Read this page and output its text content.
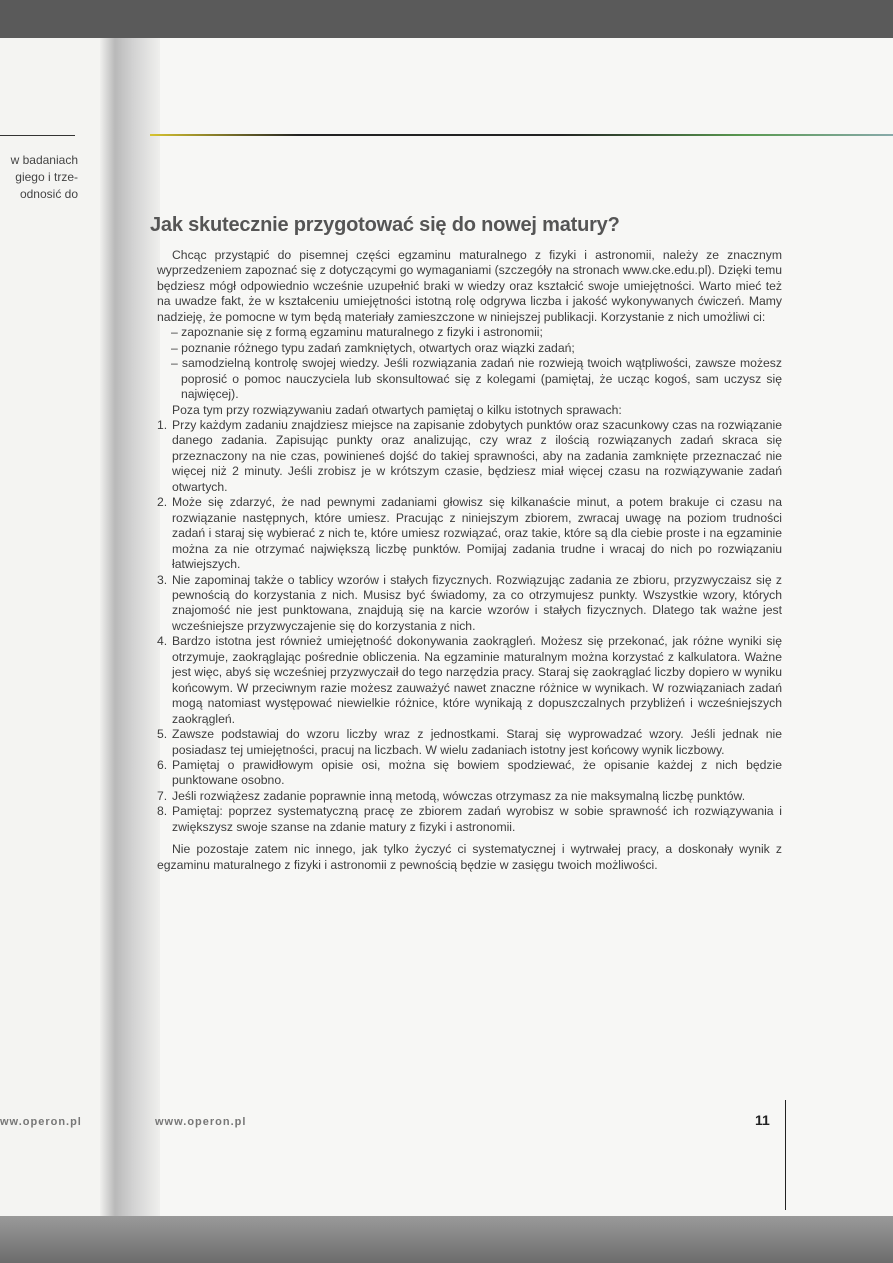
w badaniach
giego i trze-
odnosić do
ww.operon.pl
Jak skutecznie przygotować się do nowej matury?

Chcąc przystąpić do pisemnej części egzaminu maturalnego z fizyki i astronomii, należy ze znacznym wyprzedzeniem zapoznać się z dotyczącymi go wymaganiami (szczegóły na stronach www.cke.edu.pl). Dzięki temu będziesz mógł odpowiednio wcześnie uzupełnić braki w wiedzy oraz kształcić swoje umiejętności. Warto mieć też na uwadze fakt, że w kształceniu umiejętności istotną rolę odgrywa liczba i jakość wykonywanych ćwiczeń. Mamy nadzieję, że pomocne w tym będą materiały zamieszczone w niniejszej publikacji. Korzystanie z nich umożliwi ci:

– zapoznanie się z formą egzaminu maturalnego z fizyki i astronomii;
– poznanie różnego typu zadań zamkniętych, otwartych oraz wiązki zadań;
– samodzielną kontrolę swojej wiedzy. Jeśli rozwiązania zadań nie rozwieją twoich wątpliwości, zawsze możesz poprosić o pomoc nauczyciela lub skonsultować się z kolegami (pamiętaj, że ucząc kogoś, sam uczysz się najwięcej).

Poza tym przy rozwiązywaniu zadań otwartych pamiętaj o kilku istotnych sprawach:

1. Przy każdym zadaniu znajdziesz miejsce na zapisanie zdobytych punktów oraz szacunkowy czas na rozwiązanie danego zadania. Zapisując punkty oraz analizując, czy wraz z ilością rozwiązanych zadań skraca się przeznaczony na nie czas, powinieneś dojść do takiej sprawności, aby na zadania zamknięte przeznaczać nie więcej niż 2 minuty. Jeśli zrobisz je w krótszym czasie, będziesz miał więcej czasu na rozwiązywanie zadań otwartych.
2. Może się zdarzyć, że nad pewnymi zadaniami głowisz się kilkanaście minut, a potem brakuje ci czasu na rozwiązanie następnych, które umiesz. Pracując z niniejszym zbiorem, zwracaj uwagę na poziom trudności zadań i staraj się wybierać z nich te, które umiesz rozwiązać, oraz takie, które są dla ciebie proste i na egzaminie można za nie otrzymać największą liczbę punktów. Pomijaj zadania trudne i wracaj do nich po rozwiązaniu łatwiejszych.
3. Nie zapominaj także o tablicy wzorów i stałych fizycznych. Rozwiązując zadania ze zbioru, przyzwyczaisz się z pewnością do korzystania z nich. Musisz być świadomy, za co otrzymujesz punkty. Wszystkie wzory, których znajomość nie jest punktowana, znajdują się na karcie wzorów i stałych fizycznych. Dlatego tak ważne jest wcześniejsze przyzwyczajenie się do korzystania z nich.
4. Bardzo istotna jest również umiejętność dokonywania zaokrągleń. Możesz się przekonać, jak różne wyniki się otrzymuje, zaokrąglając pośrednie obliczenia. Na egzaminie maturalnym można korzystać z kalkulatora. Ważne jest więc, abyś się wcześniej przyzwyczaił do tego narzędzia pracy. Staraj się zaokrąglać liczby dopiero w wyniku końcowym. W przeciwnym razie możesz zauważyć nawet znaczne różnice w wynikach. W rozwiązaniach zadań mogą natomiast występować niewielkie różnice, które wynikają z dopuszczalnych przybliżeń i wcześniejszych zaokrągleń.
5. Zawsze podstawiaj do wzoru liczby wraz z jednostkami. Staraj się wyprowadzać wzory. Jeśli jednak nie posiadasz tej umiejętności, pracuj na liczbach. W wielu zadaniach istotny jest końcowy wynik liczbowy.
6. Pamiętaj o prawidłowym opisie osi, można się bowiem spodziewać, że opisanie każdej z nich będzie punktowane osobno.
7. Jeśli rozwiążesz zadanie poprawnie inną metodą, wówczas otrzymasz za nie maksymalną liczbę punktów.
8. Pamiętaj: poprzez systematyczną pracę ze zbiorem zadań wyrobisz w sobie sprawność ich rozwiązywania i zwiększysz swoje szanse na zdanie matury z fizyki i astronomii.

Nie pozostaje zatem nic innego, jak tylko życzyć ci systematycznej i wytrwałej pracy, a doskonały wynik z egzaminu maturalnego z fizyki i astronomii z pewnością będzie w zasięgu twoich możliwości.

www.operon.pl	11
